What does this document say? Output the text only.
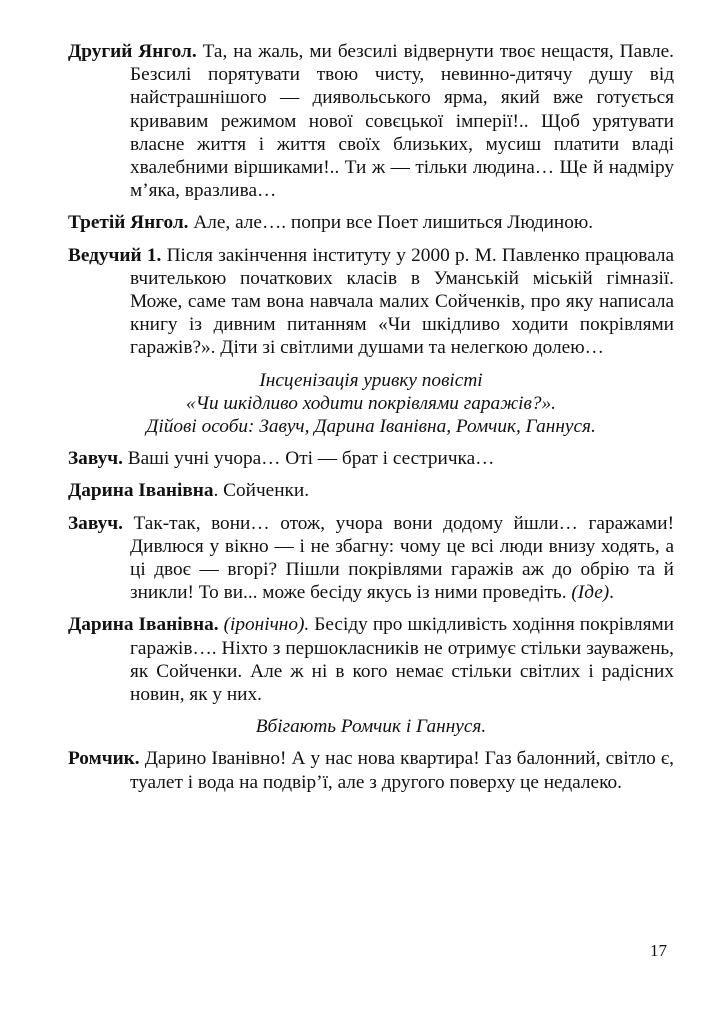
Другий Янгол. Та, на жаль, ми безсилі відвернути твоє нещастя, Павле. Безсилі порятувати твою чисту, невинно-дитячу душу від найстрашнішого — диявольського ярма, який вже готується кривавим режимом нової совєцької імперії!.. Щоб урятувати власне життя і життя своїх близьких, мусиш платити владі хвалебними віршиками!.. Ти ж — тільки людина… Ще й надміру м’яка, вразлива…

Третій Янгол. Але, але…. попри все Поет лишиться Людиною.

Ведучий 1. Після закінчення інституту у 2000 р. М. Павленко працювала вчителькою початкових класів в Уманській міській гімназії. Може, саме там вона навчала малих Сойченків, про яку написала книгу із дивним питанням «Чи шкідливо ходити покрівлями гаражів?». Діти зі світлими душами та нелегкою долею…

Інсценізація уривку повісті
«Чи шкідливо ходити покрівлями гаражів?».
Дійові особи: Завуч, Дарина Іванівна, Ромчик, Ганнуся.

Завуч. Ваші учні учора… Оті — брат і сестричка…

Дарина Іванівна. Сойченки.

Завуч. Так-так, вони… отож, учора вони додому йшли… гаражами! Дивлюся у вікно — і не збагну: чому це всі люди внизу ходять, а ці двоє — вгорі? Пішли покрівлями гаражів аж до обрію та й зникли! То ви... може бесіду якусь із ними проведіть. (Іде).

Дарина Іванівна. (іронічно). Бесіду про шкідливість ходіння покрівлями гаражів…. Ніхто з першокласників не отримує стільки зауважень, як Сойченки. Але ж ні в кого немає стільки світлих і радісних новин, як у них.

Вбігають Ромчик і Ганнуся.

Ромчик. Дарино Іванівно! А у нас нова квартира! Газ балонний, світло є, туалет і вода на подвір’ї, але з другого поверху це недалеко.

17
